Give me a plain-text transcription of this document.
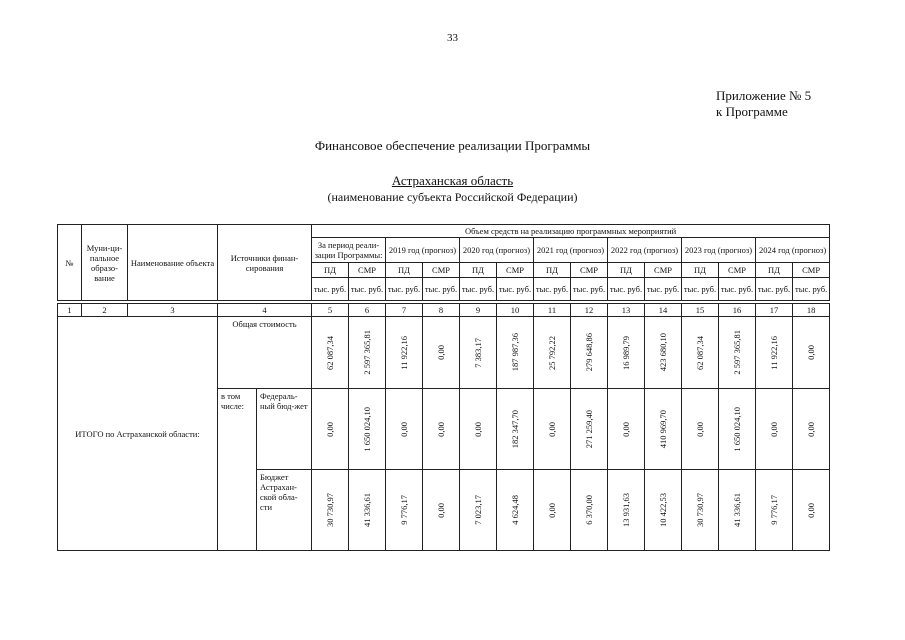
33
Приложение № 5
к Программе
Финансовое обеспечение реализации Программы
Астраханская область
(наименование субъекта Российской Федерации)
№	Муни-ци-пальное образо-вание	Наименование объекта	Источники финан-сирования		Объем средств на реализацию программных мероприятий													
					За период реали-зации Программы:		2019 год (прогноз)		2020 год (прогноз)		2021 год (прогноз)		2022 год (прогноз)		2023 год (прогноз)		2024 год (прогноз)	
					ПД	СМР	ПД	СМР	ПД	СМР	ПД	СМР	ПД	СМР	ПД	СМР	ПД	СМР
					тыс. руб.	тыс. руб.	тыс. руб.	тыс. руб.	тыс. руб.	тыс. руб.	тыс. руб.	тыс. руб.	тыс. руб.	тыс. руб.	тыс. руб.	тыс. руб.	тыс. руб.	тыс. руб.

1	2	3	4		5	6	7	8	9	10	11	12	13	14	15	16	17	18
ИТОГО по Астраханской области:			Общая стоимость		62 087,34	2 597 365,81	11 922,16	0,00	7 383,17	187 987,36	25 792,22	279 648,86	16 989,79	423 680,10	62 087,34	2 597 365,81	11 922,16	0,00

			в том числе:	Федераль-ный бюд-жет	0,00	1 650 024,10	0,00	0,00	0,00	182 347,70	0,00	271 259,40	0,00	410 969,70	0,00	1 650 024,10	0,00	0,00

				Бюджет Астрахан-ской обла-сти	30 730,97	41 336,61	9 776,17	0,00	7 023,17	4 624,48	0,00	6 370,00	13 931,63	10 422,53	30 730,97	41 336,61	9 776,17	0,00
